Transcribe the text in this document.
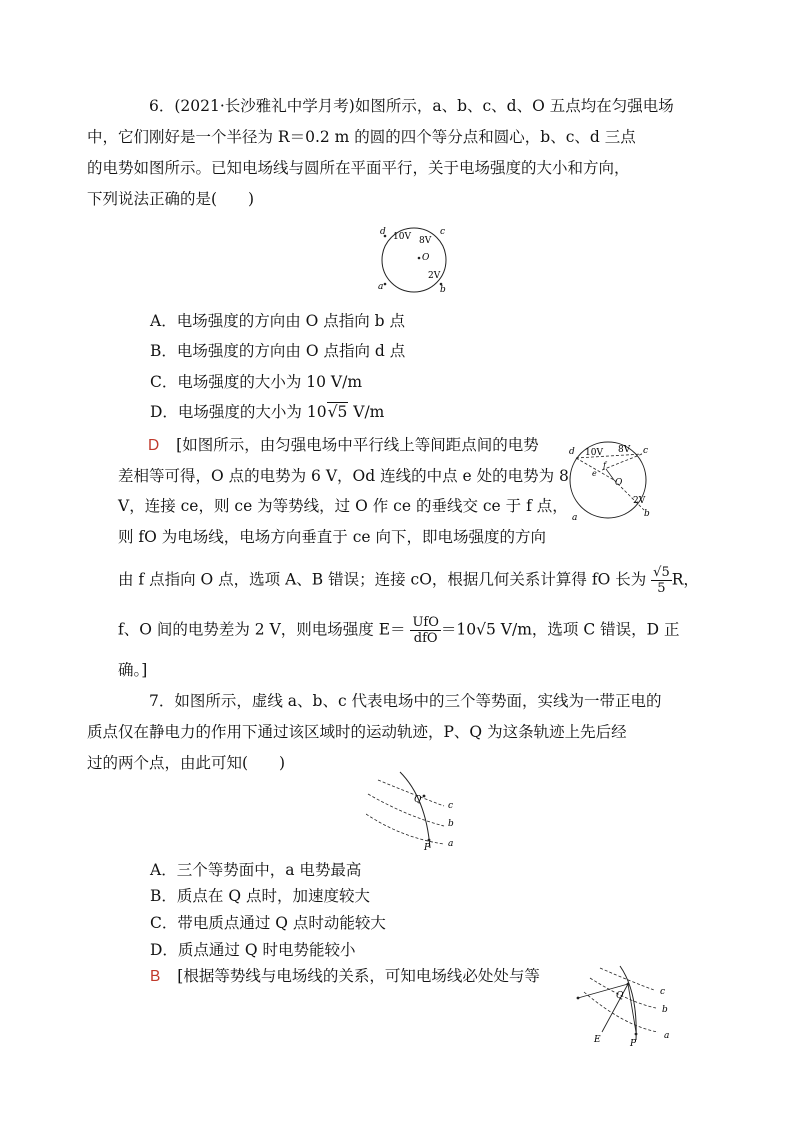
6．(2021·长沙雅礼中学月考)如图所示，a、b、c、d、O 五点均在匀强电场
中，它们刚好是一个半径为 R＝0.2 m 的圆的四个等分点和圆心，b、c、d 三点
的电势如图所示。已知电场线与圆所在平面平行，关于电场强度的大小和方向，
下列说法正确的是(　　)
d 10V 8V
c
O
2V
a	b
A．电场强度的方向由 O 点指向 b 点
B．电场强度的方向由 O 点指向 d 点
C．电场强度的大小为 10 V/m
D．电场强度的大小为 10√5 V/m
D [如图所示，由匀强电场中平行线上等间距点间的电势
差相等可得，O 点的电势为 6 V，Od 连线的中点 e 处的电势为 8
V，连接 ce，则 ce 为等势线，过 O 作 ce 的垂线交 ce 于 f 点，
则 fO 为电场线，电场方向垂直于 ce 向下，即电场强度的方向
d 10V 8V c
e
f
O
2V
a	b
由 f 点指向 O 点，选项 A、B 错误；连接 cO，根据几何关系计算得 fO 长为 $\frac{√5}{5}$ R，
f、O 间的电势差为 2 V，则电场强度 $E= \frac{\text{UfO}}{\text{dfO}} =10√5$ V/m，选项 C 错误，D 正
确。]
7．如图所示，虚线 a、b、c 代表电场中的三个等势面，实线为一带正电的
质点仅在静电力的作用下通过该区域时的运动轨迹，P、Q 为这条轨迹上先后经
过的两个点，由此可知(　　)
Q
c
b
P a
A．三个等势面中，a 电势最高
B．质点在 Q 点时，加速度较大
C．带电质点通过 Q 点时动能较大
D．质点通过 Q 时电势能较小
B [根据等势线与电场线的关系，可知电场线必处处与等
Q	c
b
E	P
a
